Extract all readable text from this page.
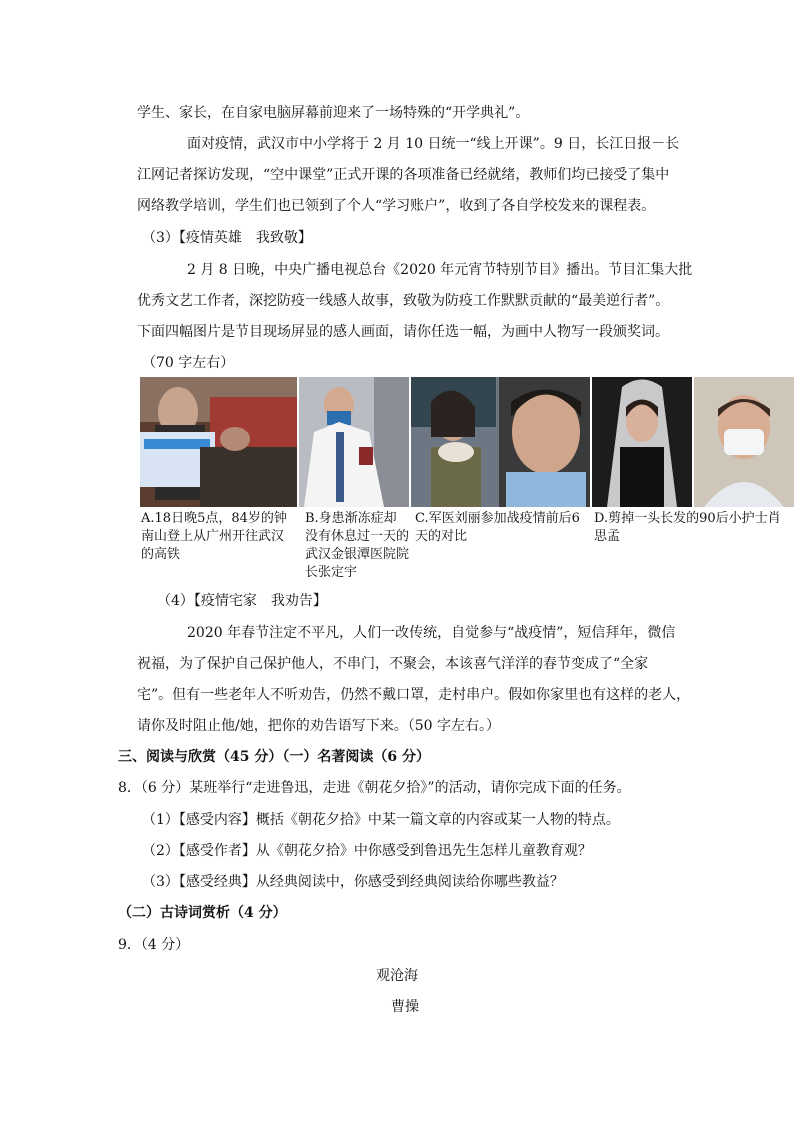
学生、家长，在自家电脑屏幕前迎来了一场特殊的“开学典礼”。
面对疫情，武汉市中小学将于 2 月 10 日统一“线上开课”。9 日，长江日报－长
江网记者探访发现，“空中课堂”正式开课的各项准备已经就绪，教师们均已接受了集中
网络教学培训，学生们也已领到了个人“学习账户”，收到了各自学校发来的课程表。
（3）【疫情英雄　我致敬】
2 月 8 日晚，中央广播电视总台《2020 年元宵节特别节目》播出。节目汇集大批
优秀文艺工作者，深挖防疫一线感人故事，致敬为防疫工作默默贡献的“最美逆行者”。
下面四幅图片是节目现场屏显的感人画面，请你任选一幅，为画中人物写一段颁奖词。
（70 字左右）
A.18日晚5点，84岁的钟南山登上从广州开往武汉的高铁
B.身患渐冻症却没有休息过一天的武汉金银潭医院院长张定宇
C.军医刘丽参加战疫情前后6天的对比
D.剪掉一头长发的90后小护士肖思孟
（4）【疫情宅家　我劝告】
2020 年春节注定不平凡，人们一改传统，自觉参与“战疫情”，短信拜年，微信
祝福，为了保护自己保护他人，不串门，不聚会，本该喜气洋洋的春节变成了“全家
宅”。但有一些老年人不听劝告，仍然不戴口罩，走村串户。假如你家里也有这样的老人，
请你及时阻止他/她，把你的劝告语写下来。（50 字左右。）
三、阅读与欣赏（45 分）（一）名著阅读（6 分）
8．（6 分）某班举行“走进鲁迅，走进《朝花夕拾》”的活动，请你完成下面的任务。
（1）【感受内容】概括《朝花夕拾》中某一篇文章的内容或某一人物的特点。
（2）【感受作者】从《朝花夕拾》中你感受到鲁迅先生怎样儿童教育观？
（3）【感受经典】从经典阅读中，你感受到经典阅读给你哪些教益？
（二）古诗词赏析（4 分）
9．（4 分）
观沧海
曹操
